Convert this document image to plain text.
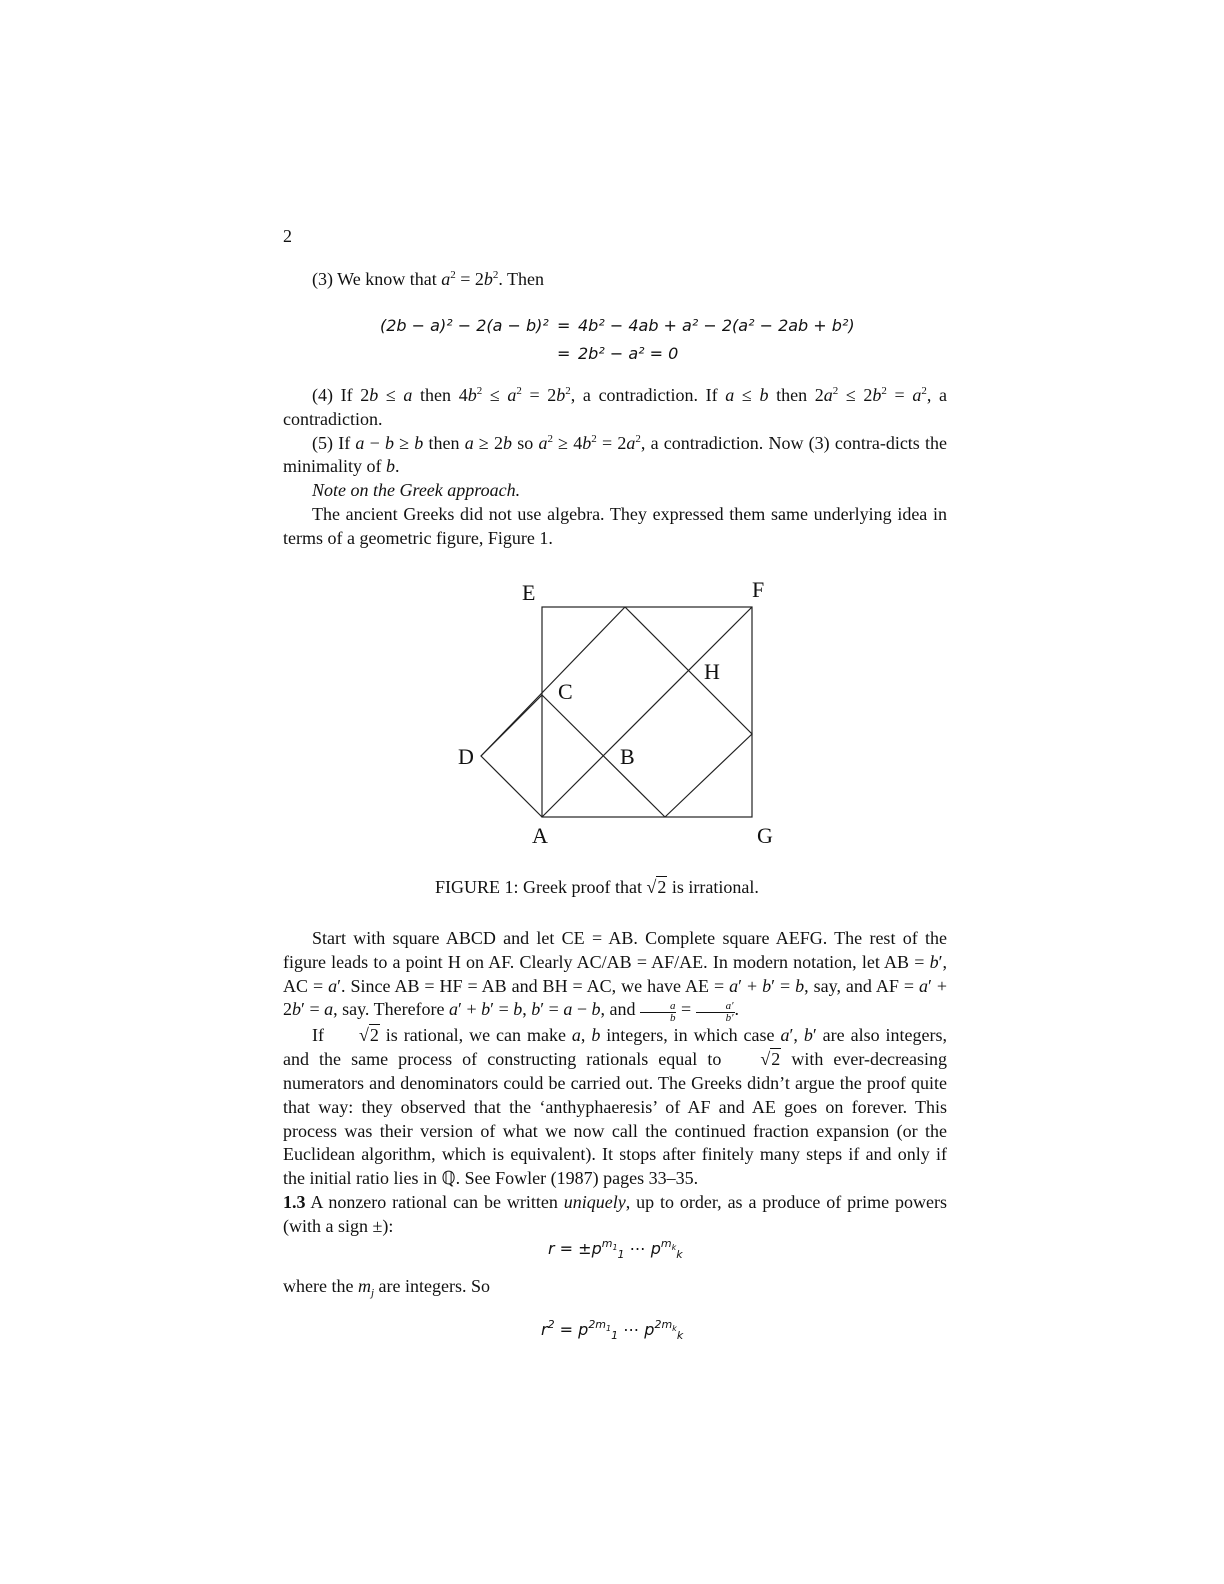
2

(3) We know that $a^2 = 2b^2$. Then

(2b − a)² − 2(a − b)² = 4b² − 4ab + a² − 2(a² − 2ab + b²)
= 2b² − a² = 0

(4) If 2b ≤ a then $4b^2 \le a^2 = 2b^2$, a contradiction. If a ≤ b then $2a^2 \le 2b^2 = a^2$, a contradiction.

(5) If a − b ≥ b then a ≥ 2b so $a^2 \ge 4b^2 = 2a^2$, a contradiction. Now (3) contra-dicts the minimality of b.

Note on the Greek approach.

The ancient Greeks did not use algebra. They expressed them same underlying idea in terms of a geometric figure, Figure 1.

E	F
H
C
D	B
A	G
FIGURE 1: Greek proof that √2 is irrational.

Start with square ABCD and let CE = AB. Complete square AEFG. The rest of the figure leads to a point H on AF. Clearly AC/AB = AF/AE. In modern notation, let AB = b′, AC = a′. Since AB = HF = AB and BH = AC, we have AE = a′ + b′ = b, say, and AF = a′ + 2b′ = a, say. Therefore a′ + b′ = b, b′ = a − b, and $\frac{a}{b} = \frac{a'}{b'}$ .

If √2 is rational, we can make a, b integers, in which case a′, b′ are also integers, and the same process of constructing rationals equal to √2 with ever-decreasing numerators and denominators could be carried out. The Greeks didn’t argue the proof quite that way: they observed that the ‘anthyphaeresis’ of AF and AE goes on forever. This process was their version of what we now call the continued fraction expansion (or the Euclidean algorithm, which is equivalent). It stops after finitely many steps if and only if the initial ratio lies in ℚ. See Fowler (1987) pages 33–35.

1.3 A nonzero rational can be written uniquely, up to order, as a produce of prime powers (with a sign ±):

$r = \pm p^{m_1}_1$ ⋯ $p^{m_k}_k$

where the $m_j$ are integers. So

$r^2 = p^{2m_1}_1$ ⋯ $p^{2m_k}_k$
